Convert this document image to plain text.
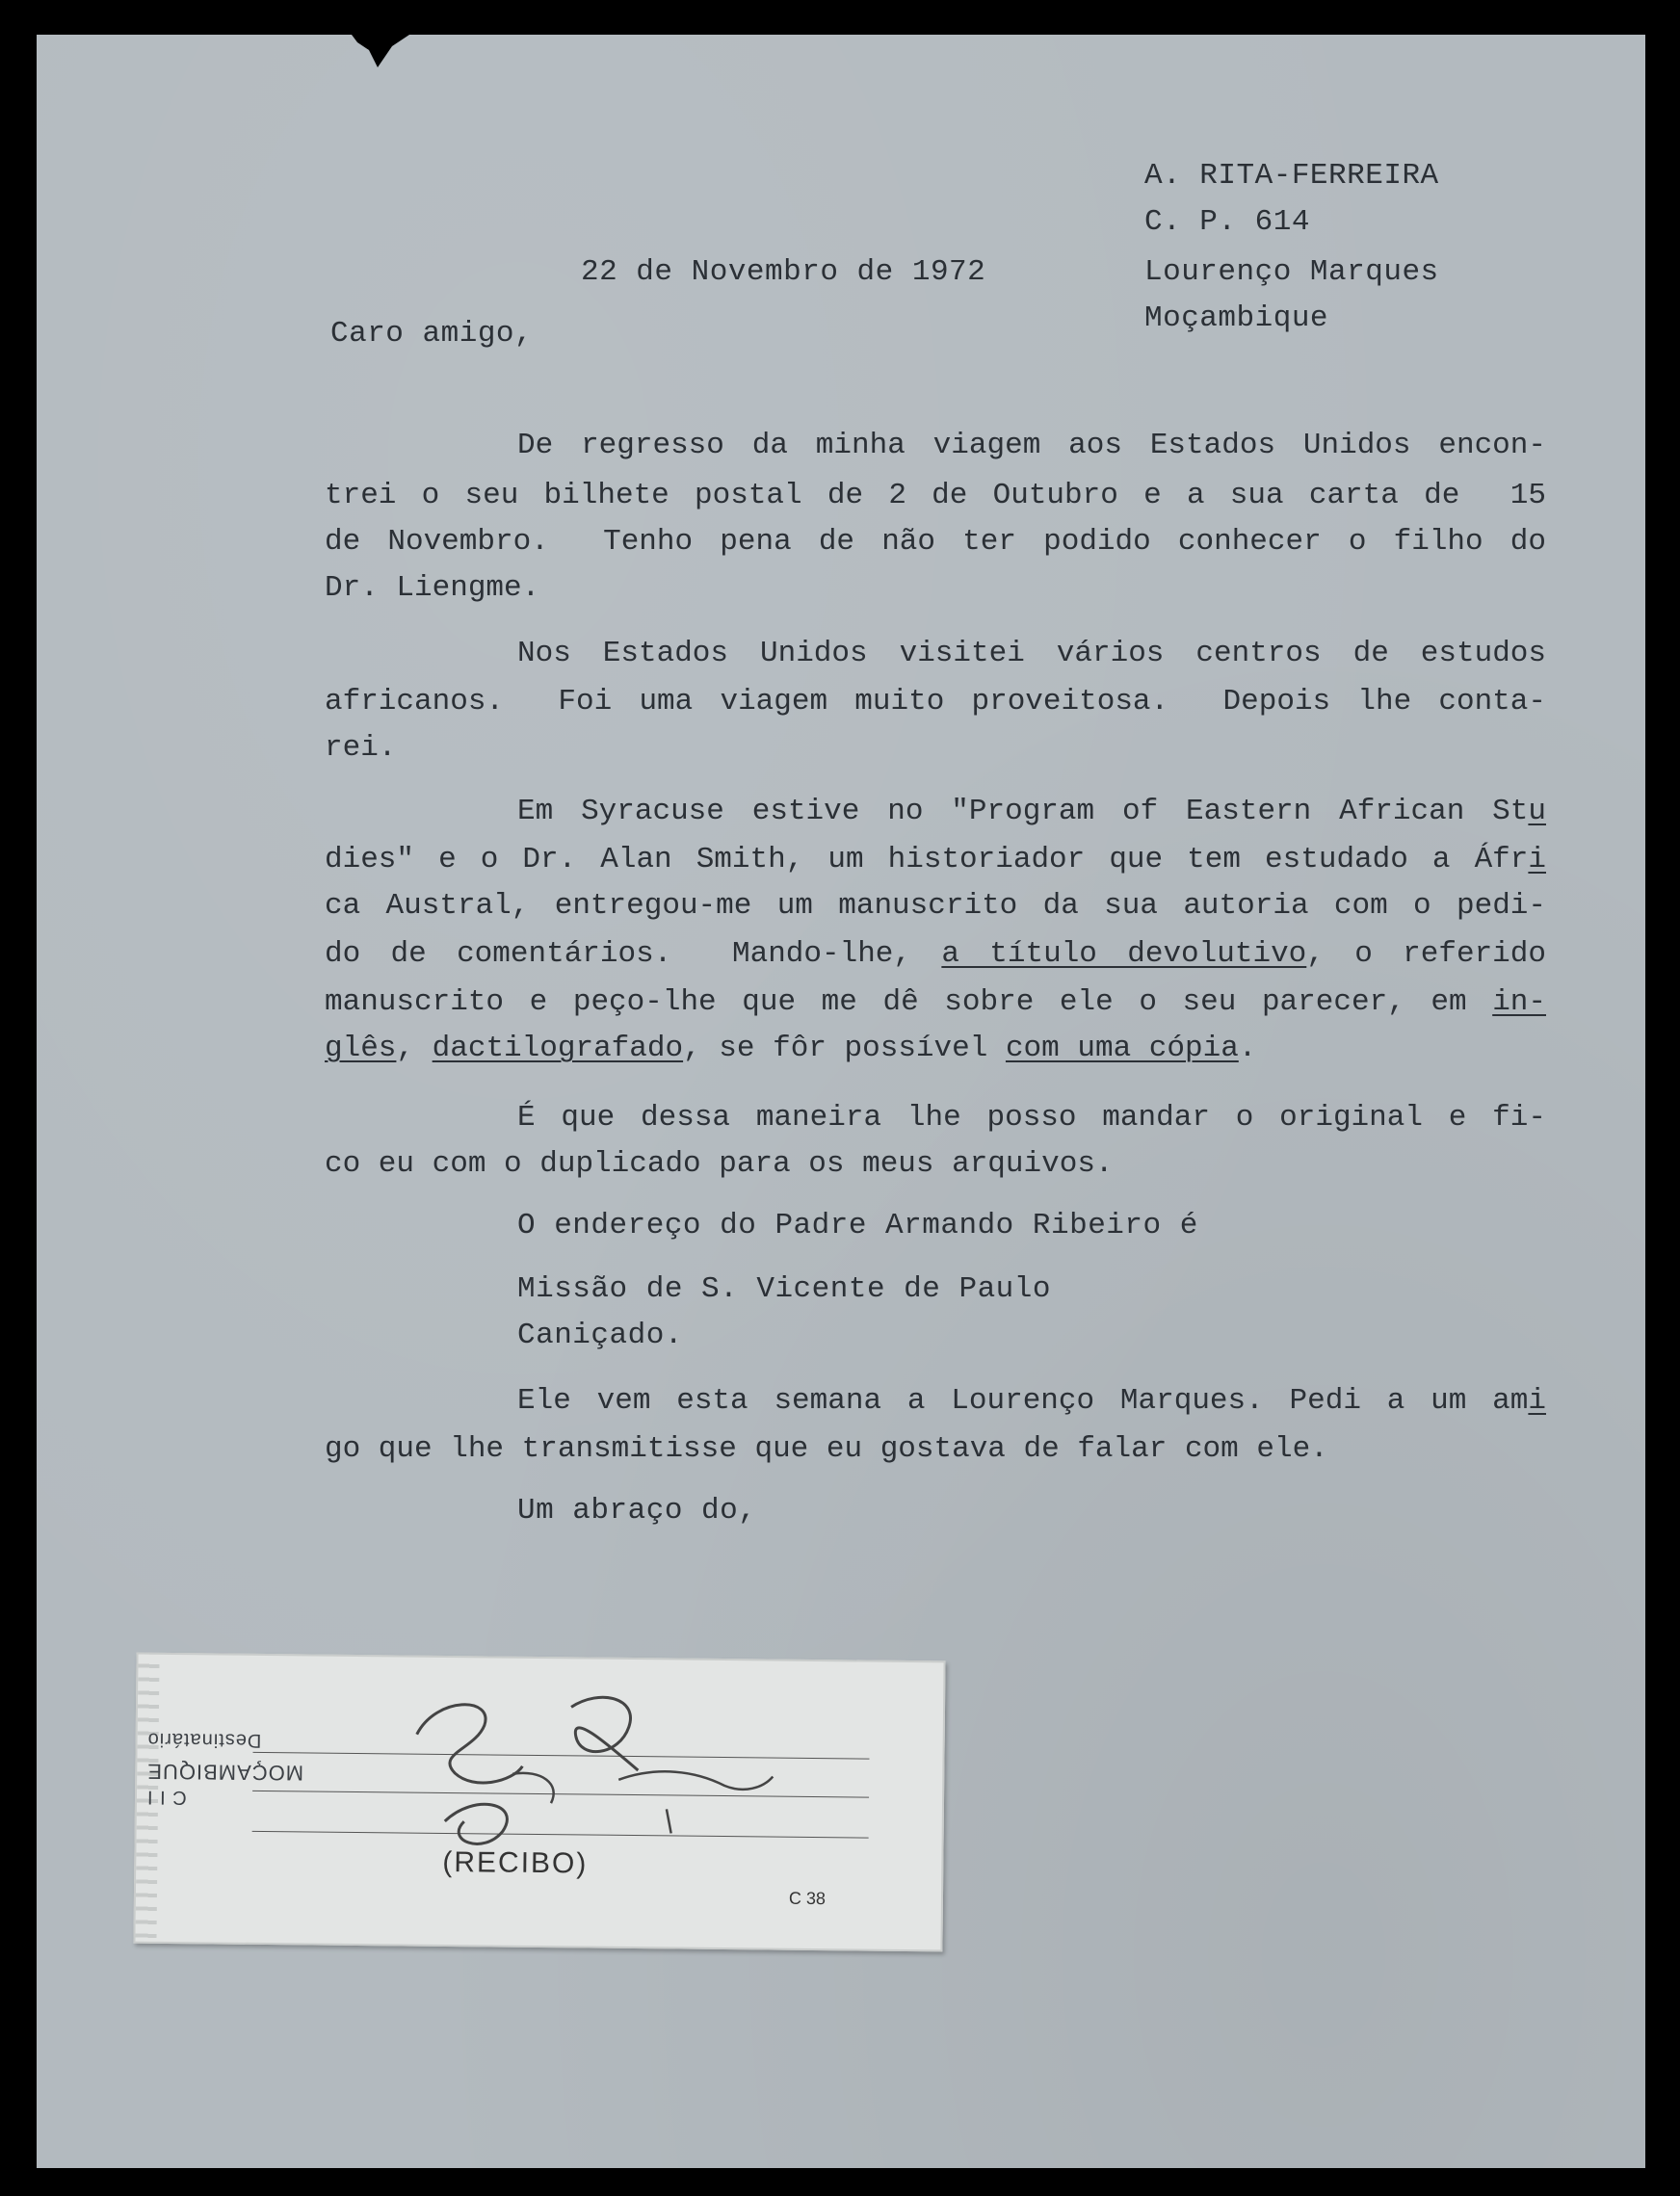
A. RITA-FERREIRA
C. P. 614
Lourenço Marques
Moçambique
22 de Novembro de 1972
Caro amigo,
De regresso da minha viagem aos Estados Unidos encon-
trei o seu bilhete postal de 2 de Outubro e a sua carta de  15
de Novembro.  Tenho pena de não ter podido conhecer o filho do
Dr. Liengme.
Nos Estados Unidos visitei vários centros de estudos
africanos.  Foi uma viagem muito proveitosa.  Depois lhe conta-
rei.
Em Syracuse estive no "Program of Eastern African Stu
dies" e o Dr. Alan Smith, um historiador que tem estudado a Áfri
ca Austral, entregou-me um manuscrito da sua autoria com o pedi-
do de comentários.  Mando-lhe, a título devolutivo, o referido
manuscrito e peço-lhe que me dê sobre ele o seu parecer, em in-
glês, dactilografado, se fôr possível com uma cópia.
É que dessa maneira lhe posso mandar o original e fi-
co eu com o duplicado para os meus arquivos.
O endereço do Padre Armando Ribeiro é
Missão de S. Vicente de Paulo
Caniçado.
Ele vem esta semana a Lourenço Marques. Pedi a um ami
go que lhe transmitisse que eu gostava de falar com ele.
Um abraço do,
Destinatário
MOÇAMBIQUE
C I I
(RECIBO)
C 38
